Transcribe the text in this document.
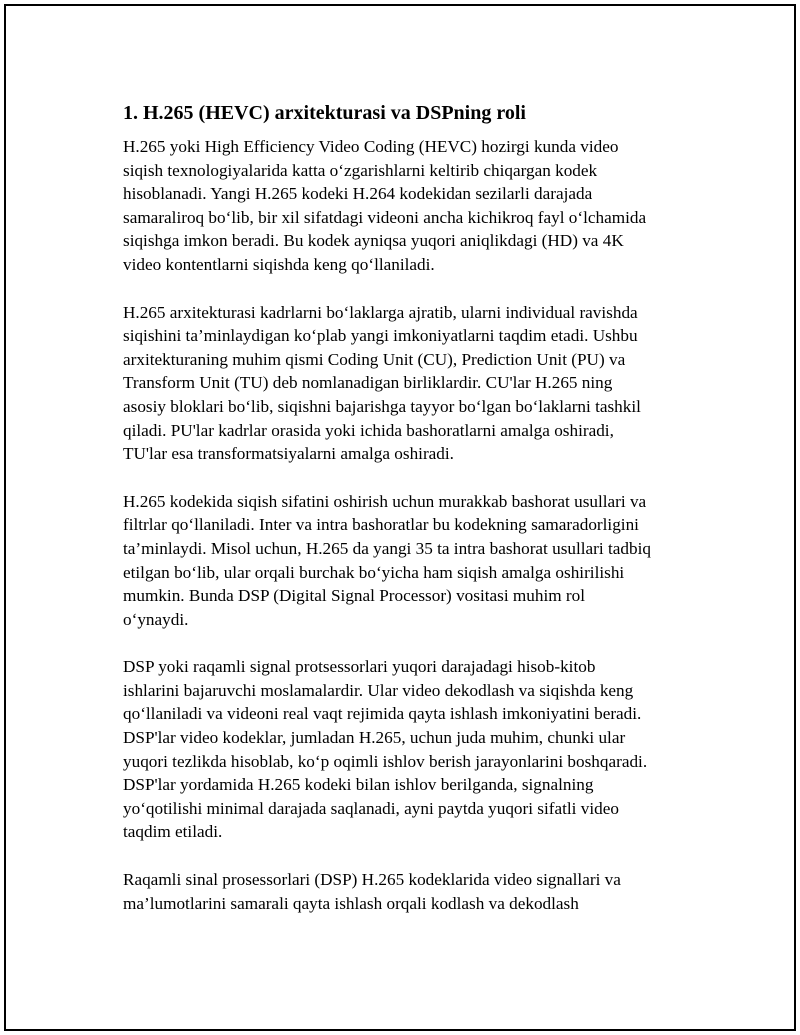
1. H.265 (HEVC) arxitekturasi va DSPning roli
H.265 yoki High Efficiency Video Coding (HEVC) hozirgi kunda video
siqish texnologiyalarida katta o‘zgarishlarni keltirib chiqargan kodek
hisoblanadi. Yangi H.265 kodeki H.264 kodekidan sezilarli darajada
samaraliroq bo‘lib, bir xil sifatdagi videoni ancha kichikroq fayl o‘lchamida
siqishga imkon beradi. Bu kodek ayniqsa yuqori aniqlikdagi (HD) va 4K
video kontentlarni siqishda keng qo‘llaniladi.
H.265 arxitekturasi kadrlarni bo‘laklarga ajratib, ularni individual ravishda
siqishini ta’minlaydigan ko‘plab yangi imkoniyatlarni taqdim etadi. Ushbu
arxitekturaning muhim qismi Coding Unit (CU), Prediction Unit (PU) va
Transform Unit (TU) deb nomlanadigan birliklardir. CU'lar H.265 ning
asosiy bloklari bo‘lib, siqishni bajarishga tayyor bo‘lgan bo‘laklarni tashkil
qiladi. PU'lar kadrlar orasida yoki ichida bashoratlarni amalga oshiradi,
TU'lar esa transformatsiyalarni amalga oshiradi.
H.265 kodekida siqish sifatini oshirish uchun murakkab bashorat usullari va
filtrlar qo‘llaniladi. Inter va intra bashoratlar bu kodekning samaradorligini
ta’minlaydi. Misol uchun, H.265 da yangi 35 ta intra bashorat usullari tadbiq
etilgan bo‘lib, ular orqali burchak bo‘yicha ham siqish amalga oshirilishi
mumkin. Bunda DSP (Digital Signal Processor) vositasi muhim rol
o‘ynaydi.
DSP yoki raqamli signal protsessorlari yuqori darajadagi hisob-kitob
ishlarini bajaruvchi moslamalardir. Ular video dekodlash va siqishda keng
qo‘llaniladi va videoni real vaqt rejimida qayta ishlash imkoniyatini beradi.
DSP'lar video kodeklar, jumladan H.265, uchun juda muhim, chunki ular
yuqori tezlikda hisoblab, ko‘p oqimli ishlov berish jarayonlarini boshqaradi.
DSP'lar yordamida H.265 kodeki bilan ishlov berilganda, signalning
yo‘qotilishi minimal darajada saqlanadi, ayni paytda yuqori sifatli video
taqdim etiladi.
Raqamli sinal prosessorlari (DSP) H.265 kodeklarida video signallari va
ma’lumotlarini samarali qayta ishlash orqali kodlash va dekodlash
